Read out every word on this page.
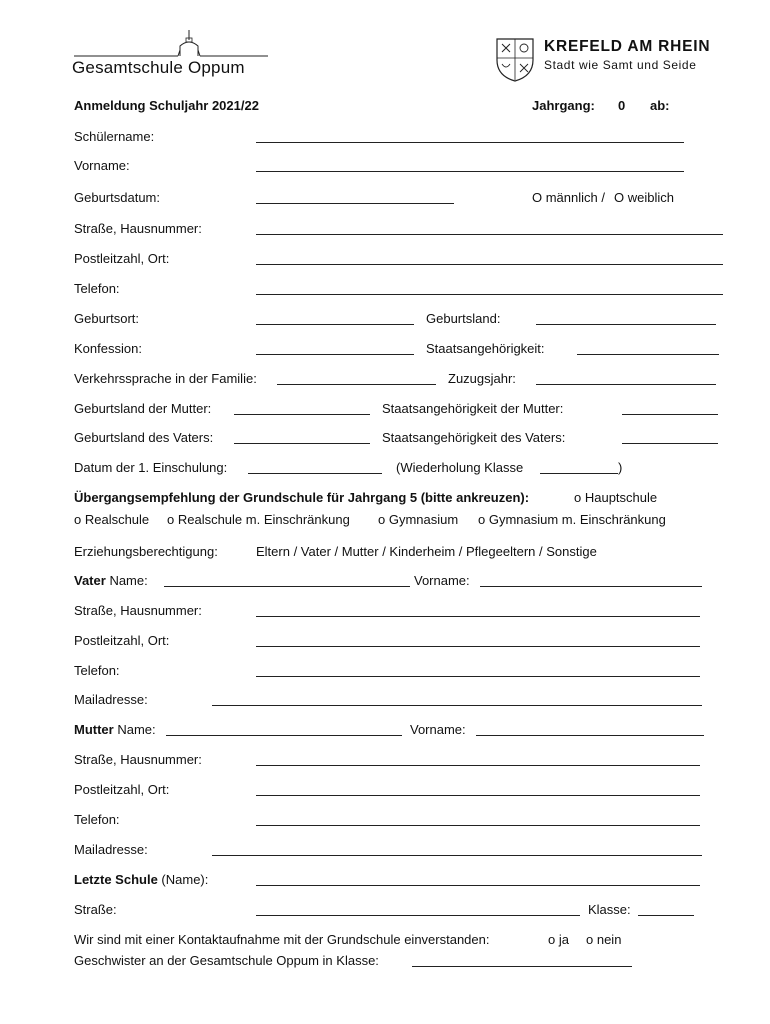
Gesamtschule Oppum
KREFELD AM RHEIN
Stadt wie Samt und Seide
Anmeldung Schuljahr 2021/22	Jahrgang: 0 ab:
Schülername:
Vorname:
Geburtsdatum:	O männlich / O weiblich
Straße, Hausnummer:
Postleitzahl, Ort:
Telefon:
Geburtsort:	Geburtsland:
Konfession:	Staatsangehörigkeit:
Verkehrssprache in der Familie:	Zuzugsjahr:
Geburtsland der Mutter:	Staatsangehörigkeit der Mutter:
Geburtsland des Vaters:	Staatsangehörigkeit des Vaters:
Datum der 1. Einschulung:	(Wiederholung Klasse	)
Übergangsempfehlung der Grundschule für Jahrgang 5 (bitte ankreuzen):	o Hauptschule
o Realschule o Realschule m. Einschränkung o Gymnasium o Gymnasium m. Einschränkung
Erziehungsberechtigung:	Eltern / Vater / Mutter / Kinderheim / Pflegeeltern / Sonstige
Vater Name:	Vorname:
Straße, Hausnummer:
Postleitzahl, Ort:
Telefon:
Mailadresse:
Mutter Name:	Vorname:
Straße, Hausnummer:
Postleitzahl, Ort:
Telefon:
Mailadresse:
Letzte Schule (Name):
Straße:	Klasse:
Wir sind mit einer Kontaktaufnahme mit der Grundschule einverstanden:	o ja o nein
Geschwister an der Gesamtschule Oppum in Klasse:
